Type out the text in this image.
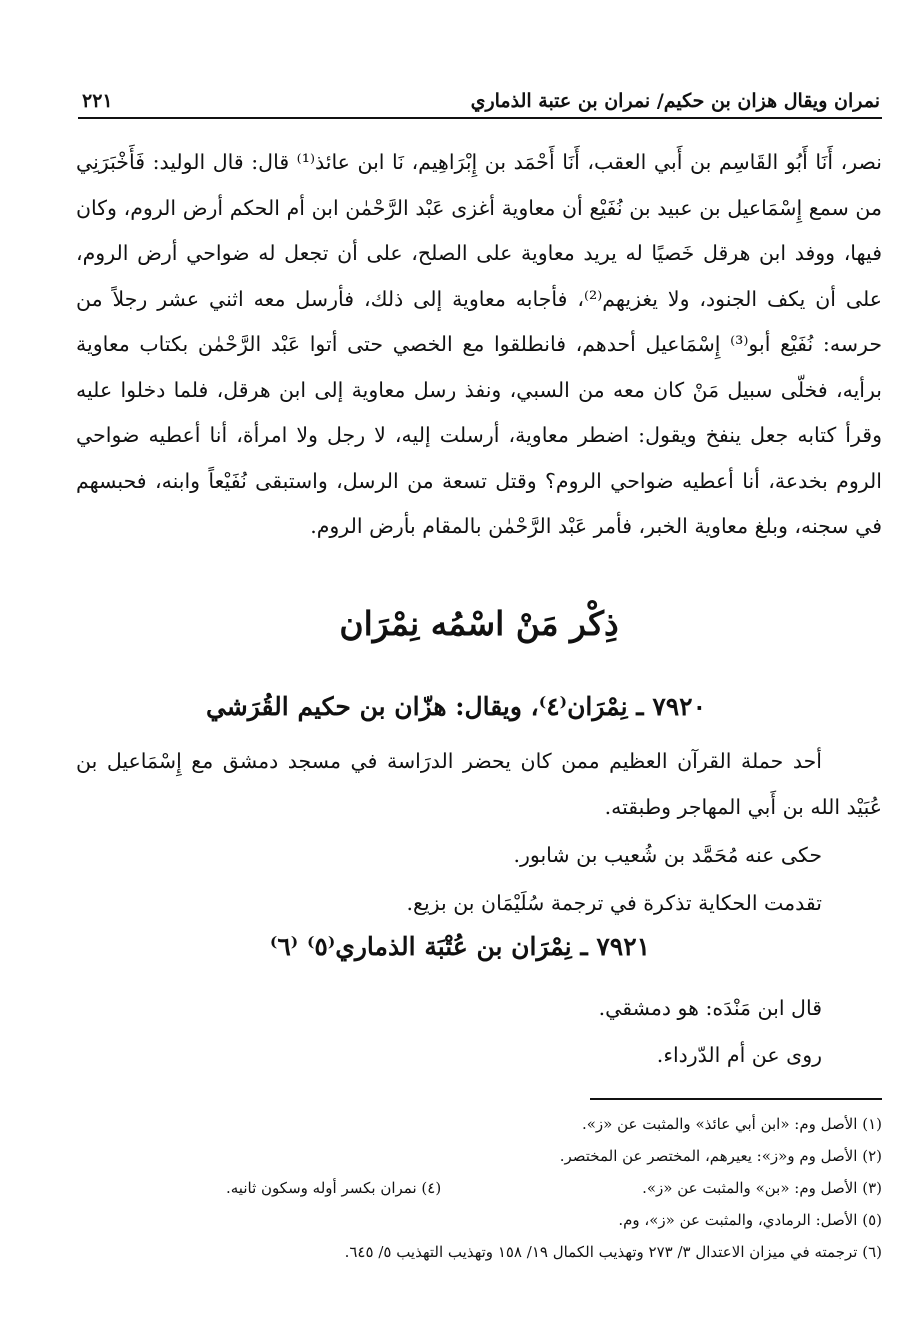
نمران ويقال هزان بن حكيم/ نمران بن عتبة الذماري
٢٢١
نصر، أَنَا أَبُو القَاسِم بن أَبي العقب، أَنَا أَحْمَد بن إِبْرَاهِيم، نَا ابن عائذ⁽¹⁾ قال: قال الوليد: فَأَخْبَرَنِي من سمع إِسْمَاعيل بن عبيد بن نُفَيْع أن معاوية أغزى عَبْد الرَّحْمٰن ابن أم الحكم أرض الروم، وكان فيها، ووفد ابن هرقل خَصيًا له يريد معاوية على الصلح، على أن تجعل له ضواحي أرض الروم، على أن يكف الجنود، ولا يغزيهم⁽²⁾، فأجابه معاوية إلى ذلك، فأرسل معه اثني عشر رجلاً من حرسه: نُفَيْع أبو⁽³⁾ إِسْمَاعيل أحدهم، فانطلقوا مع الخصي حتى أتوا عَبْد الرَّحْمٰن بكتاب معاوية برأيه، فخلّى سبيل مَنْ كان معه من السبي، ونفذ رسل معاوية إلى ابن هرقل، فلما دخلوا عليه وقرأ كتابه جعل ينفخ ويقول: اضطر معاوية، أرسلت إليه، لا رجل ولا امرأة، أنا أعطيه ضواحي الروم بخدعة، أنا أعطيه ضواحي الروم؟ وقتل تسعة من الرسل، واستبقى نُفَيْعاً وابنه، فحبسهم في سجنه، وبلغ معاوية الخبر، فأمر عَبْد الرَّحْمٰن بالمقام بأرض الروم.
ذِكْر مَنْ اسْمُه نِمْرَان
٧٩٢٠ ـ نِمْرَان⁽٤⁾، ويقال: هزّان بن حكيم القُرَشي
أحد حملة القرآن العظيم ممن كان يحضر الدرَاسة في مسجد دمشق مع إِسْمَاعيل بن عُبَيْد الله بن أَبي المهاجر وطبقته.
حكى عنه مُحَمَّد بن شُعيب بن شابور.
تقدمت الحكاية تذكرة في ترجمة سُلَيْمَان بن بزيع.
٧٩٢١ ـ نِمْرَان بن عُتْبَة الذماري⁽٥⁾ ⁽٦⁾
قال ابن مَنْدَه: هو دمشقي.
روى عن أم الدّرداء.
(١) الأصل وم: «ابن أبي عائذ» والمثبت عن «ز».
(٢) الأصل وم و«ز»: يعيرهم، المختصر عن المختصر.
(٣) الأصل وم: «بن» والمثبت عن «ز».
(٤) نمران بكسر أوله وسكون ثانيه.
(٥) الأصل: الرمادي، والمثبت عن «ز»، وم.
(٦) ترجمته في ميزان الاعتدال ٣/ ٢٧٣ وتهذيب الكمال ١٩/ ١٥٨ وتهذيب التهذيب ٥/ ٦٤٥.
